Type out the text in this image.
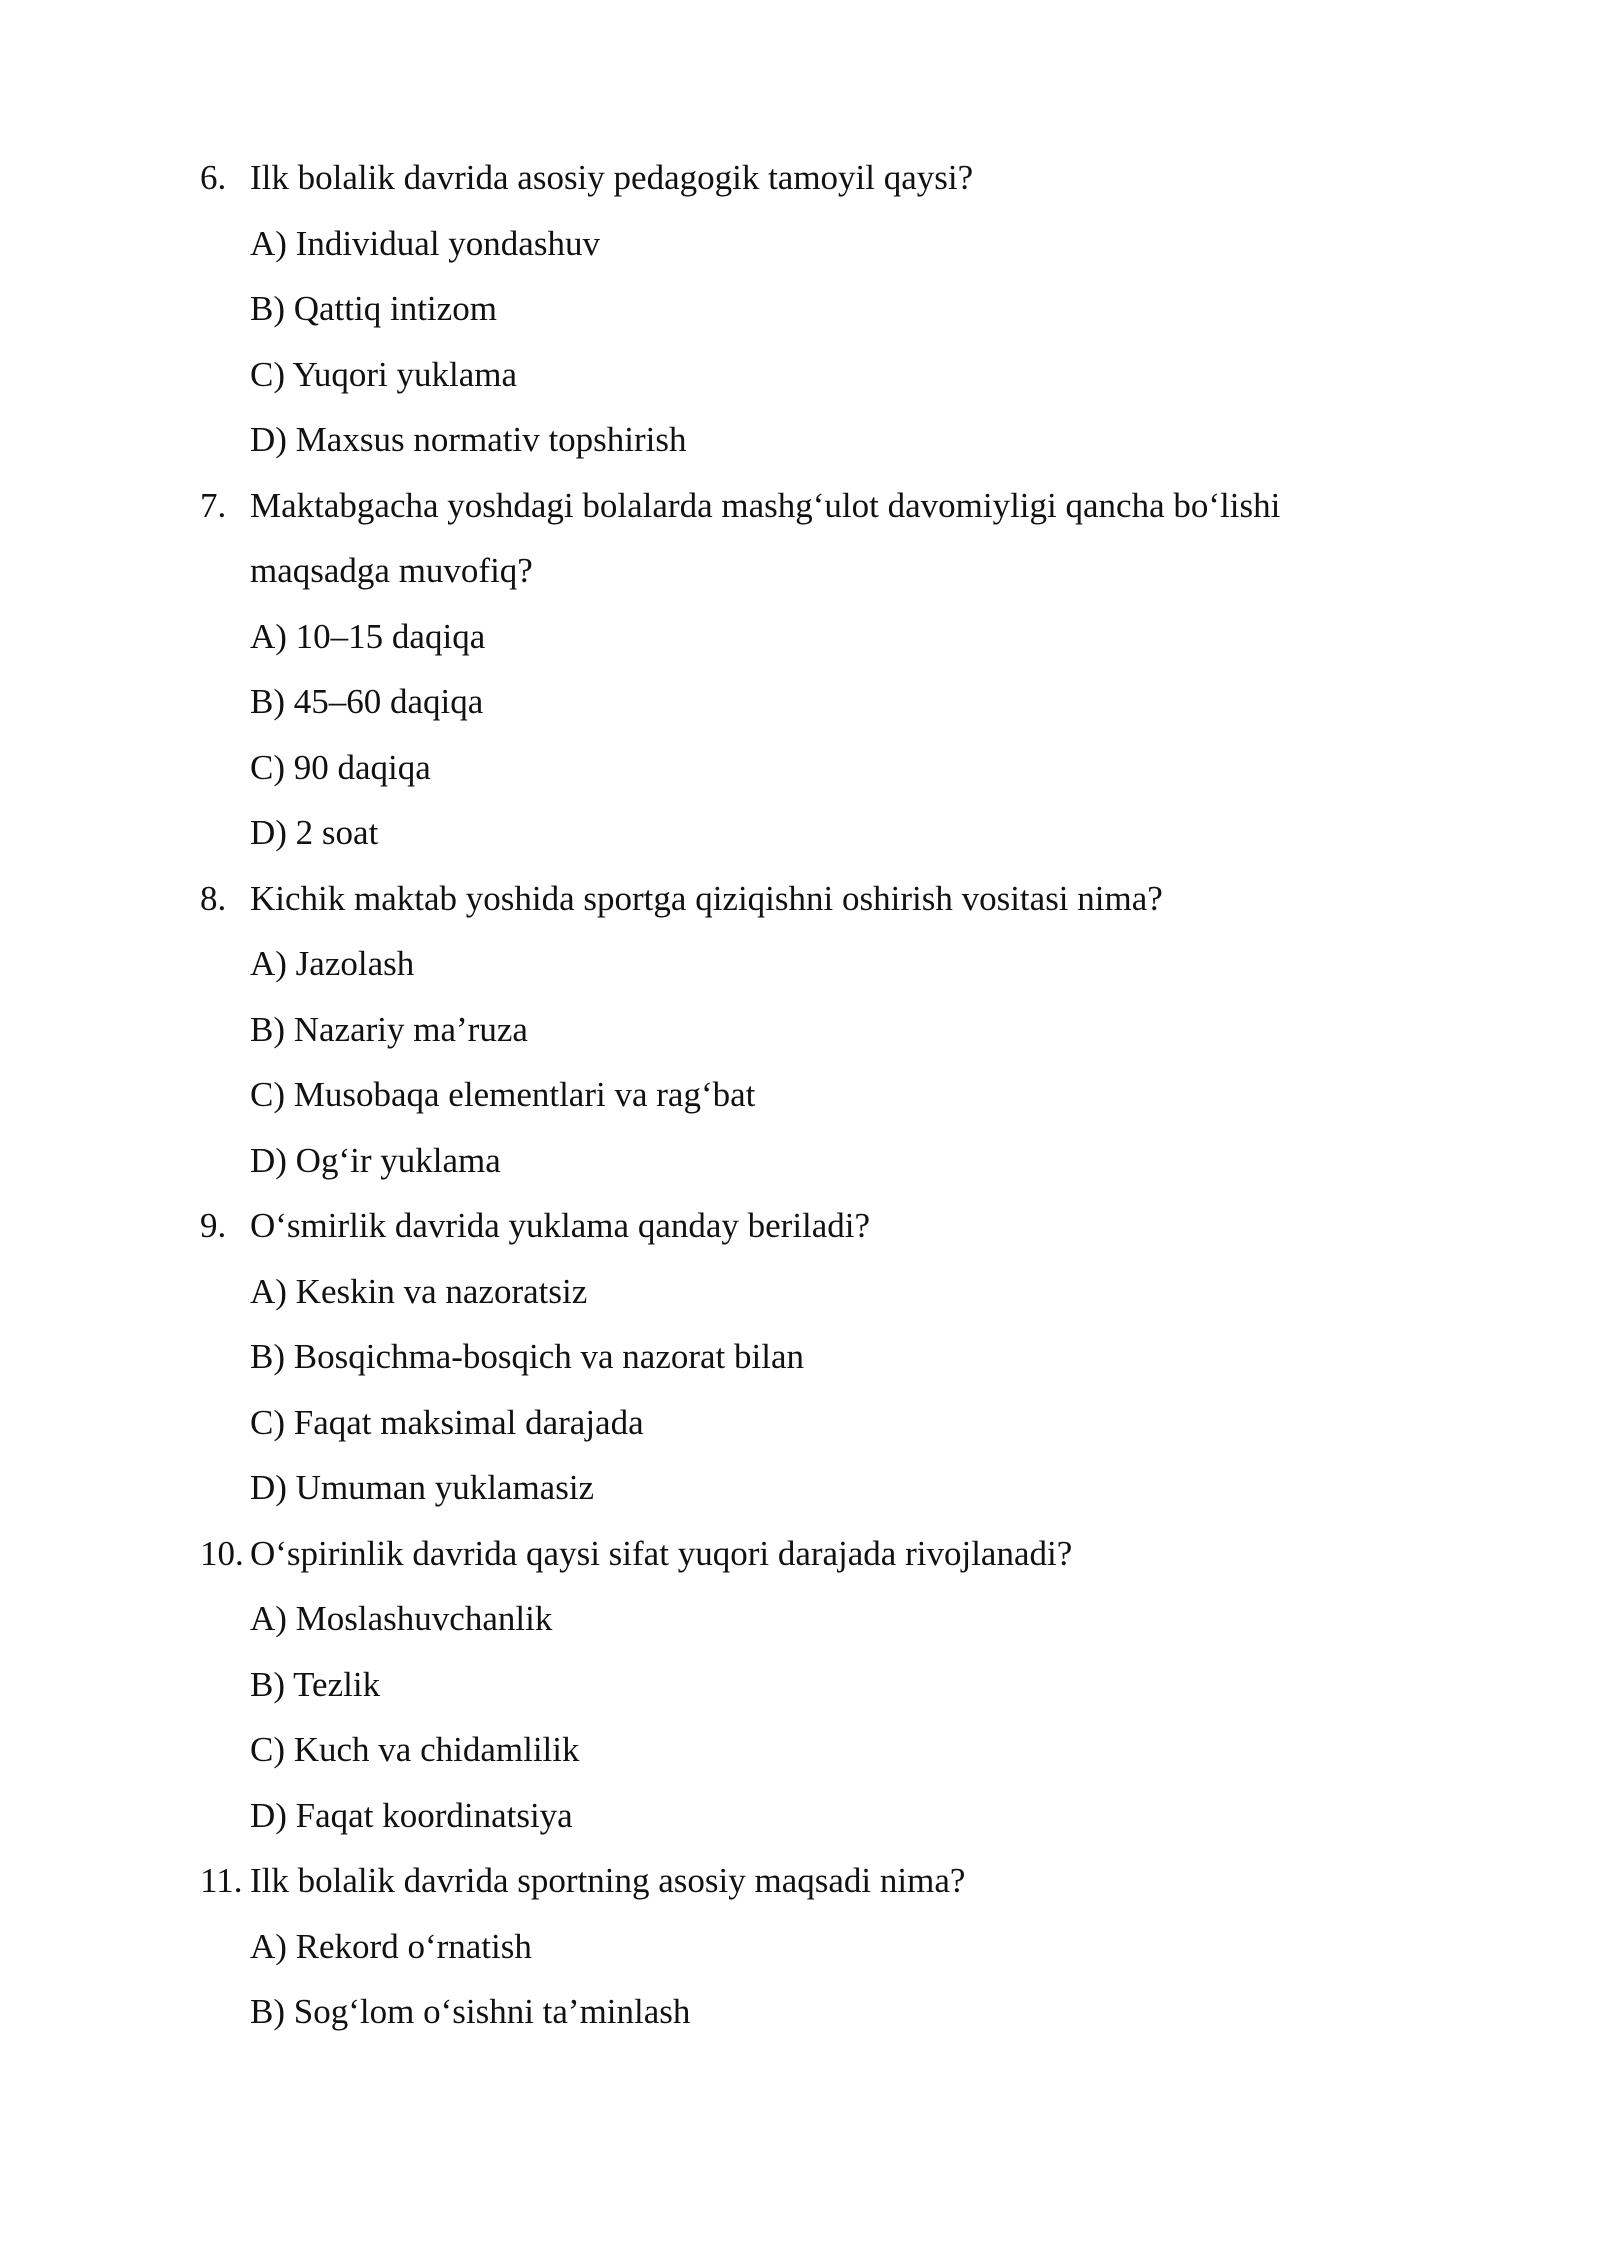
6. Ilk bolalik davrida asosiy pedagogik tamoyil qaysi?
A) Individual yondashuv
B) Qattiq intizom
C) Yuqori yuklama
D) Maxsus normativ topshirish
7. Maktabgacha yoshdagi bolalarda mashg‘ulot davomiyligi qancha bo‘lishi
maqsadga muvofiq?
A) 10–15 daqiqa
B) 45–60 daqiqa
C) 90 daqiqa
D) 2 soat
8. Kichik maktab yoshida sportga qiziqishni oshirish vositasi nima?
A) Jazolash
B) Nazariy ma’ruza
C) Musobaqa elementlari va rag‘bat
D) Og‘ir yuklama
9. O‘smirlik davrida yuklama qanday beriladi?
A) Keskin va nazoratsiz
B) Bosqichma-bosqich va nazorat bilan
C) Faqat maksimal darajada
D) Umuman yuklamasiz
10. O‘spirinlik davrida qaysi sifat yuqori darajada rivojlanadi?
A) Moslashuvchanlik
B) Tezlik
C) Kuch va chidamlilik
D) Faqat koordinatsiya
11. Ilk bolalik davrida sportning asosiy maqsadi nima?
A) Rekord o‘rnatish
B) Sog‘lom o‘sishni ta’minlash
